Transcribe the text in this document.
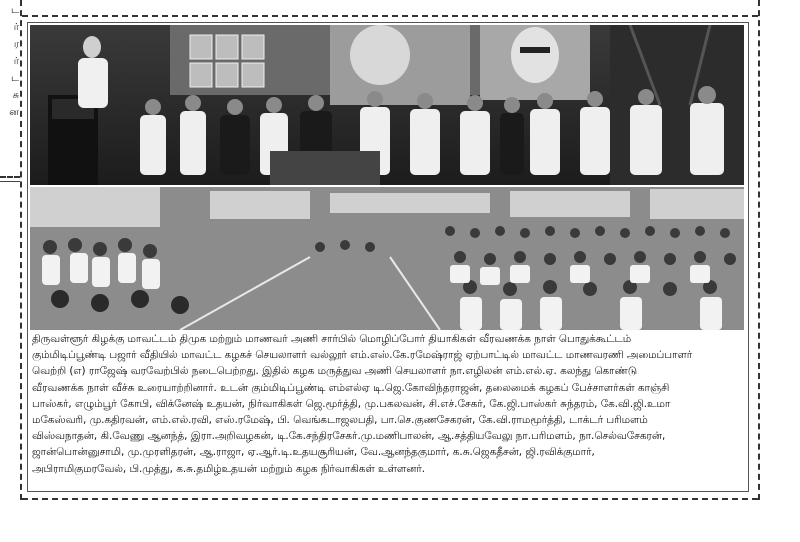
ட
ர்
ர
ர்
ட
சு
ன
திருவள்ளூர் கிழக்கு மாவட்டம் திமுக மற்றும் மாணவர் அணி சார்பில் மொழிப்போர் தியாகிகள் வீரவணக்க நாள் பொதுக்கூட்டம்
கும்மிடிப்பூண்டி பஜார் வீதியில் மாவட்ட கழகச் செயலாளர் வல்லூர் எம்.எஸ்.கே.ரமேஷ்ராஜ் ஏற்பாட்டில் மாவட்ட மாணவரணி அமைப்பாளர்
வெற்றி (எ) ராஜேஷ் வரவேற்பில் நடைபெற்றது. இதில் கழக மருத்துவ அணி செயலாளர் நா.எழிலன் எம்.எல்.ஏ. கலந்து கொண்டு
வீரவணக்க நாள் வீச்சு உரையாற்றினார். உடன் கும்மிடிப்பூண்டி எம்எல்ஏ டி.ஜெ.கோவிந்தராஜன், தலைமைக் கழகப் பேச்சாளர்கள் காஞ்சி
பாஸ்கர், எழும்பூர் கோபி, விக்னேஷ் உதயன், நிர்வாகிகள் ஜெ.மூர்த்தி, மு.பகலவன், சி.எச்.சேகர், கே.ஜி.பாஸ்கர் சுந்தரம், கே.வி.ஜி.உமா
மகேஸ்வரி, மு.கதிரவன், எம்.எல்.ரவி, எஸ்.ரமேஷ், பி. வெங்கடாஜலபதி, பா.செ.குணசேகரன், கே.வி.ராமமூர்த்தி, டாக்டர் பரிமளம்
விஸ்வநாதன், கி.வேணு ஆனந்த், இரா.அறிவழகன், டி.கே.சந்திரசேகர்.மு.மணிபாலன், ஆ.சத்தியவேலு நா.பரிமளம், நா.செல்வசேகரன்,
ஜான்பொன்னுசாமி, மு.முரளிதரன், ஆ.ராஜா, ஏ.ஆர்.டி.உதயசூரியன், வே.ஆனந்தகுமார், க.சு.ஜெகதீசன், ஜி.ரவிக்குமார்,
அபிராமிகுமரவேல், பி.முத்து, க.சு.தமிழ்உதயன் மற்றும் கழக நிர்வாகிகள் உள்ளனர்.
